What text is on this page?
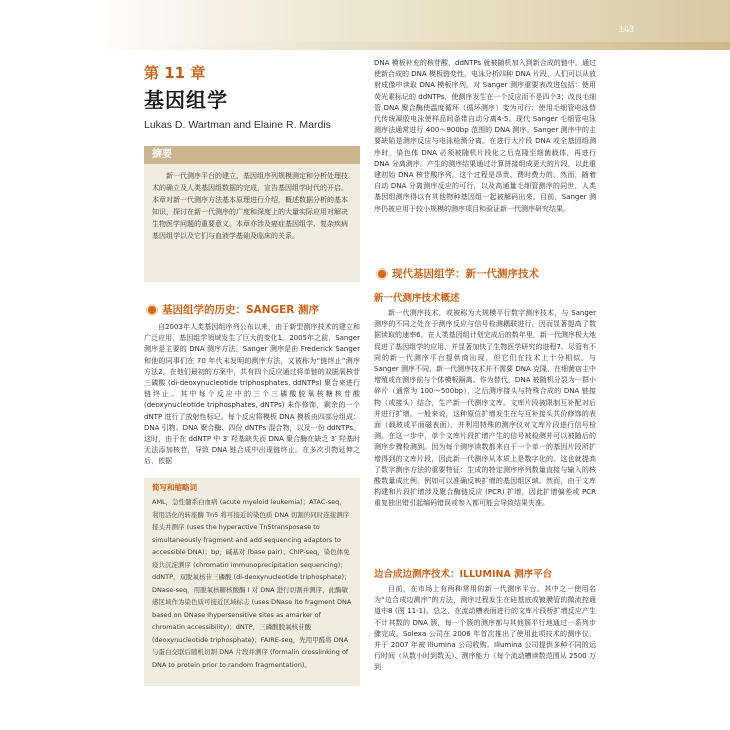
143
第 11 章
基因组学
Lukas D. Wartman and Elaine R. Mardis
摘要
新一代测序平台的建立、基因组序列规模测定和分析处理技术的确立及人类基因组数据的完成，宣告基因组学时代的开启。本章对新一代测序方法基本原理进行介绍，概述数据分析的基本知识，探讨在新一代测序的广度和深度上的大量实际应用对解决生物医学问题的重要意义。本章亦涉及癌症基因组学、复杂疾病基因组学以及它们与血液学基础及临床的关系。
基因组学的历史：SANGER 测序
自2003年人类基因组序列公布以来，由于新型测序技术的建立和广泛应用，基因组学领域发生了巨大的变化1。2005年之前，Sanger 测序是主要的 DNA 测序方法。Sanger 测序是由 Frederick Sanger 和他的同事们在 70 年代末发明的测序方法，又被称为“链终止”测序方法2。在他们最初的方案中，共有四个反应通过将单链的双脱氧核苷三磷酸 (di-deoxynucleotide triphosphates, ddNTPs) 聚合来进行链终止。其中每个反应中的三个三磷酸脱氧核糖核苷酸 (deoxynucleotide triphosphates, dNTPs) 未作修饰，剩余的一个 dNTP 进行了放射性标记。每个反应将模板 DNA 模板由四部分组成：DNA 引物、DNA 聚合酶、四份 dNTPs 混合物，以及一份 ddNTPs。这时，由于在 ddNTP 中 3′ 羟基缺失而 DNA 聚合酶在缺乏 3′ 羟基时无法添加核苷，导致 DNA 链合成中出现链终止。在多次引物延伸之后，依据
简写和缩略词
AML，急性髓系白血病 (acute myeloid leukemia)；ATAC-seq，利用活化的转座酶 Tn5 将可接近的染色质 DNA 切割的同时连接测序接头并测序 (uses the hyperactive Tn5transposase to simultaneously fragment and add sequencing adaptors to accessible DNA)；bp，碱基对 (base pair)；ChIP-seq，染色体免疫共沉淀测序 (chromatin immunoprecipitation sequencing)；ddNTP，双脱氧核苷三磷酸 (di-deoxynucleotide triphosphate)；DNase-seq，用脱氧核糖核酸酶 I 对 DNA 进行切割并测序，此酶敏感区域作为染色质可接近区域标志 (uses DNase Ito fragment DNA based on DNase Ihypersensitive sites as amarker of chromatin accessibility)；dNTP，三磷酸脱氧核苷酸 (deoxynucleotide triphosphate)；FAIRE-seq，先用甲醛将 DNA 与蛋白交联后随机切割 DNA 片段并测序 (formalin crosslinking of DNA to protein prior to random fragmentation)。
DNA 模板补充的核苷酸，ddNTPs 就被随机加入到新合成的链中。通过使新合成的 DNA 模板链变性、电泳分析四种 DNA 片段，人们可以从放射成像中读取 DNA 模板序列。对 Sanger 测序重要表改进包括：使用荧光素标记的 ddNTPs，使测序发生在一个反应而不是四个3；改良毛细管 DNA 聚合酶使温度循环（循环测序）变为可行；使用毛细管电泳替代传统凝胶电泳使样品间条带自动分离4-5。现代 Sanger 毛细管电泳测序法通常进行 400～900bp 范围的 DNA 测序。Sanger 测序中的主要缺陷是测序反应与电泳检测分离。在进行大片段 DNA 或全基因组测序时，染色体 DNA 必须被随机片段化之后克隆至细菌载体，再进行 DNA 分离测序。产生的测序结果通过计算拼接组成更大的片段，以此重建初始 DNA 核苷酸序列。这个过程是昂贵、费时费力的。然而，随着自动 DNA 分离测序反应的可行，以及高通量毛细管测序的同世，人类基因组测序得以有其他物种基因组一起被解码出来。目前，Sanger 测序仍被应用于较小规模的测序项目和验证新一代测序研究结果。
现代基因组学：新一代测序技术
新一代测序技术概述
新一代测序技术，或被称为大规模平行数字测序技术，与 Sanger 测序的不同之处在于测序反应与信号检测耦联进行，因而显著提高了数据读取的速率6。在人类基因组计划完成后的数年里，新一代测序极大地促进了基因组学的应用，并显著加快了生物医学研究的进程7。尽管有不同的新一代测序平台提供商出现，但它们在技术上十分相似。与 Sanger 测序不同，新一代测序技术并不需要 DNA 克隆、在细菌宿主中增殖或在测序前与个体模板隔离。作为替代，DNA 被随机分裂为一群小碎片（通常为 100～500bp），之后测序接头与特殊合成的 DNA 链接物（或接头）结合，生产新一代测序文库。文库片段被限制互补配对后并进行扩增。一般来说，这种原位扩增发生在与互补接头共价修饰的表面（载玻或平面磁表面），并利用特殊的测序仪对文库片段进行信号检测。在这一步中，单个文库片段扩增产生的信号被检测并可以被随后的测序步骤检测到。因为每个测序读数都来自于一个单一的基因片段所扩增得到的文库片段，因此新一代测序从本质上是数字化的。这也就提高了数字测序方法的重要特征：生成的特定测序序列数量直接与输入的核酸数量成比例，例如可以准确反映扩增的基因组区域。然而，由于文库构建和片段扩增涉及聚合酶链反应 (PCR) 扩增，因此扩增偏差或 PCR 重复独出错引起编码错误或参入都可能会导致结果失准。
边合成边测序技术：ILLUMINA 测序平台
目前，在市场上有两种常用的新一代测序平台。其中之一使用名为“边合成边测序”的方法，测序过程发生在硅基底或镀膜管的微流控通道中8 (图 11-1)。总之，在流动槽表面进行的文库片段桥扩增反应产生不计其数的 DNA 簇，每一个簇的测序都与其他簇平行地通过一系列步骤完成。Solexa 公司在 2006 年首次推出了使用此项技术的测序仪，并于 2007 年被 Illumina 公司收购。Illumina 公司提供多种不同的运行时间（从数小时到数天）、测序能力（每个流动槽读数范围从 2500 万到
